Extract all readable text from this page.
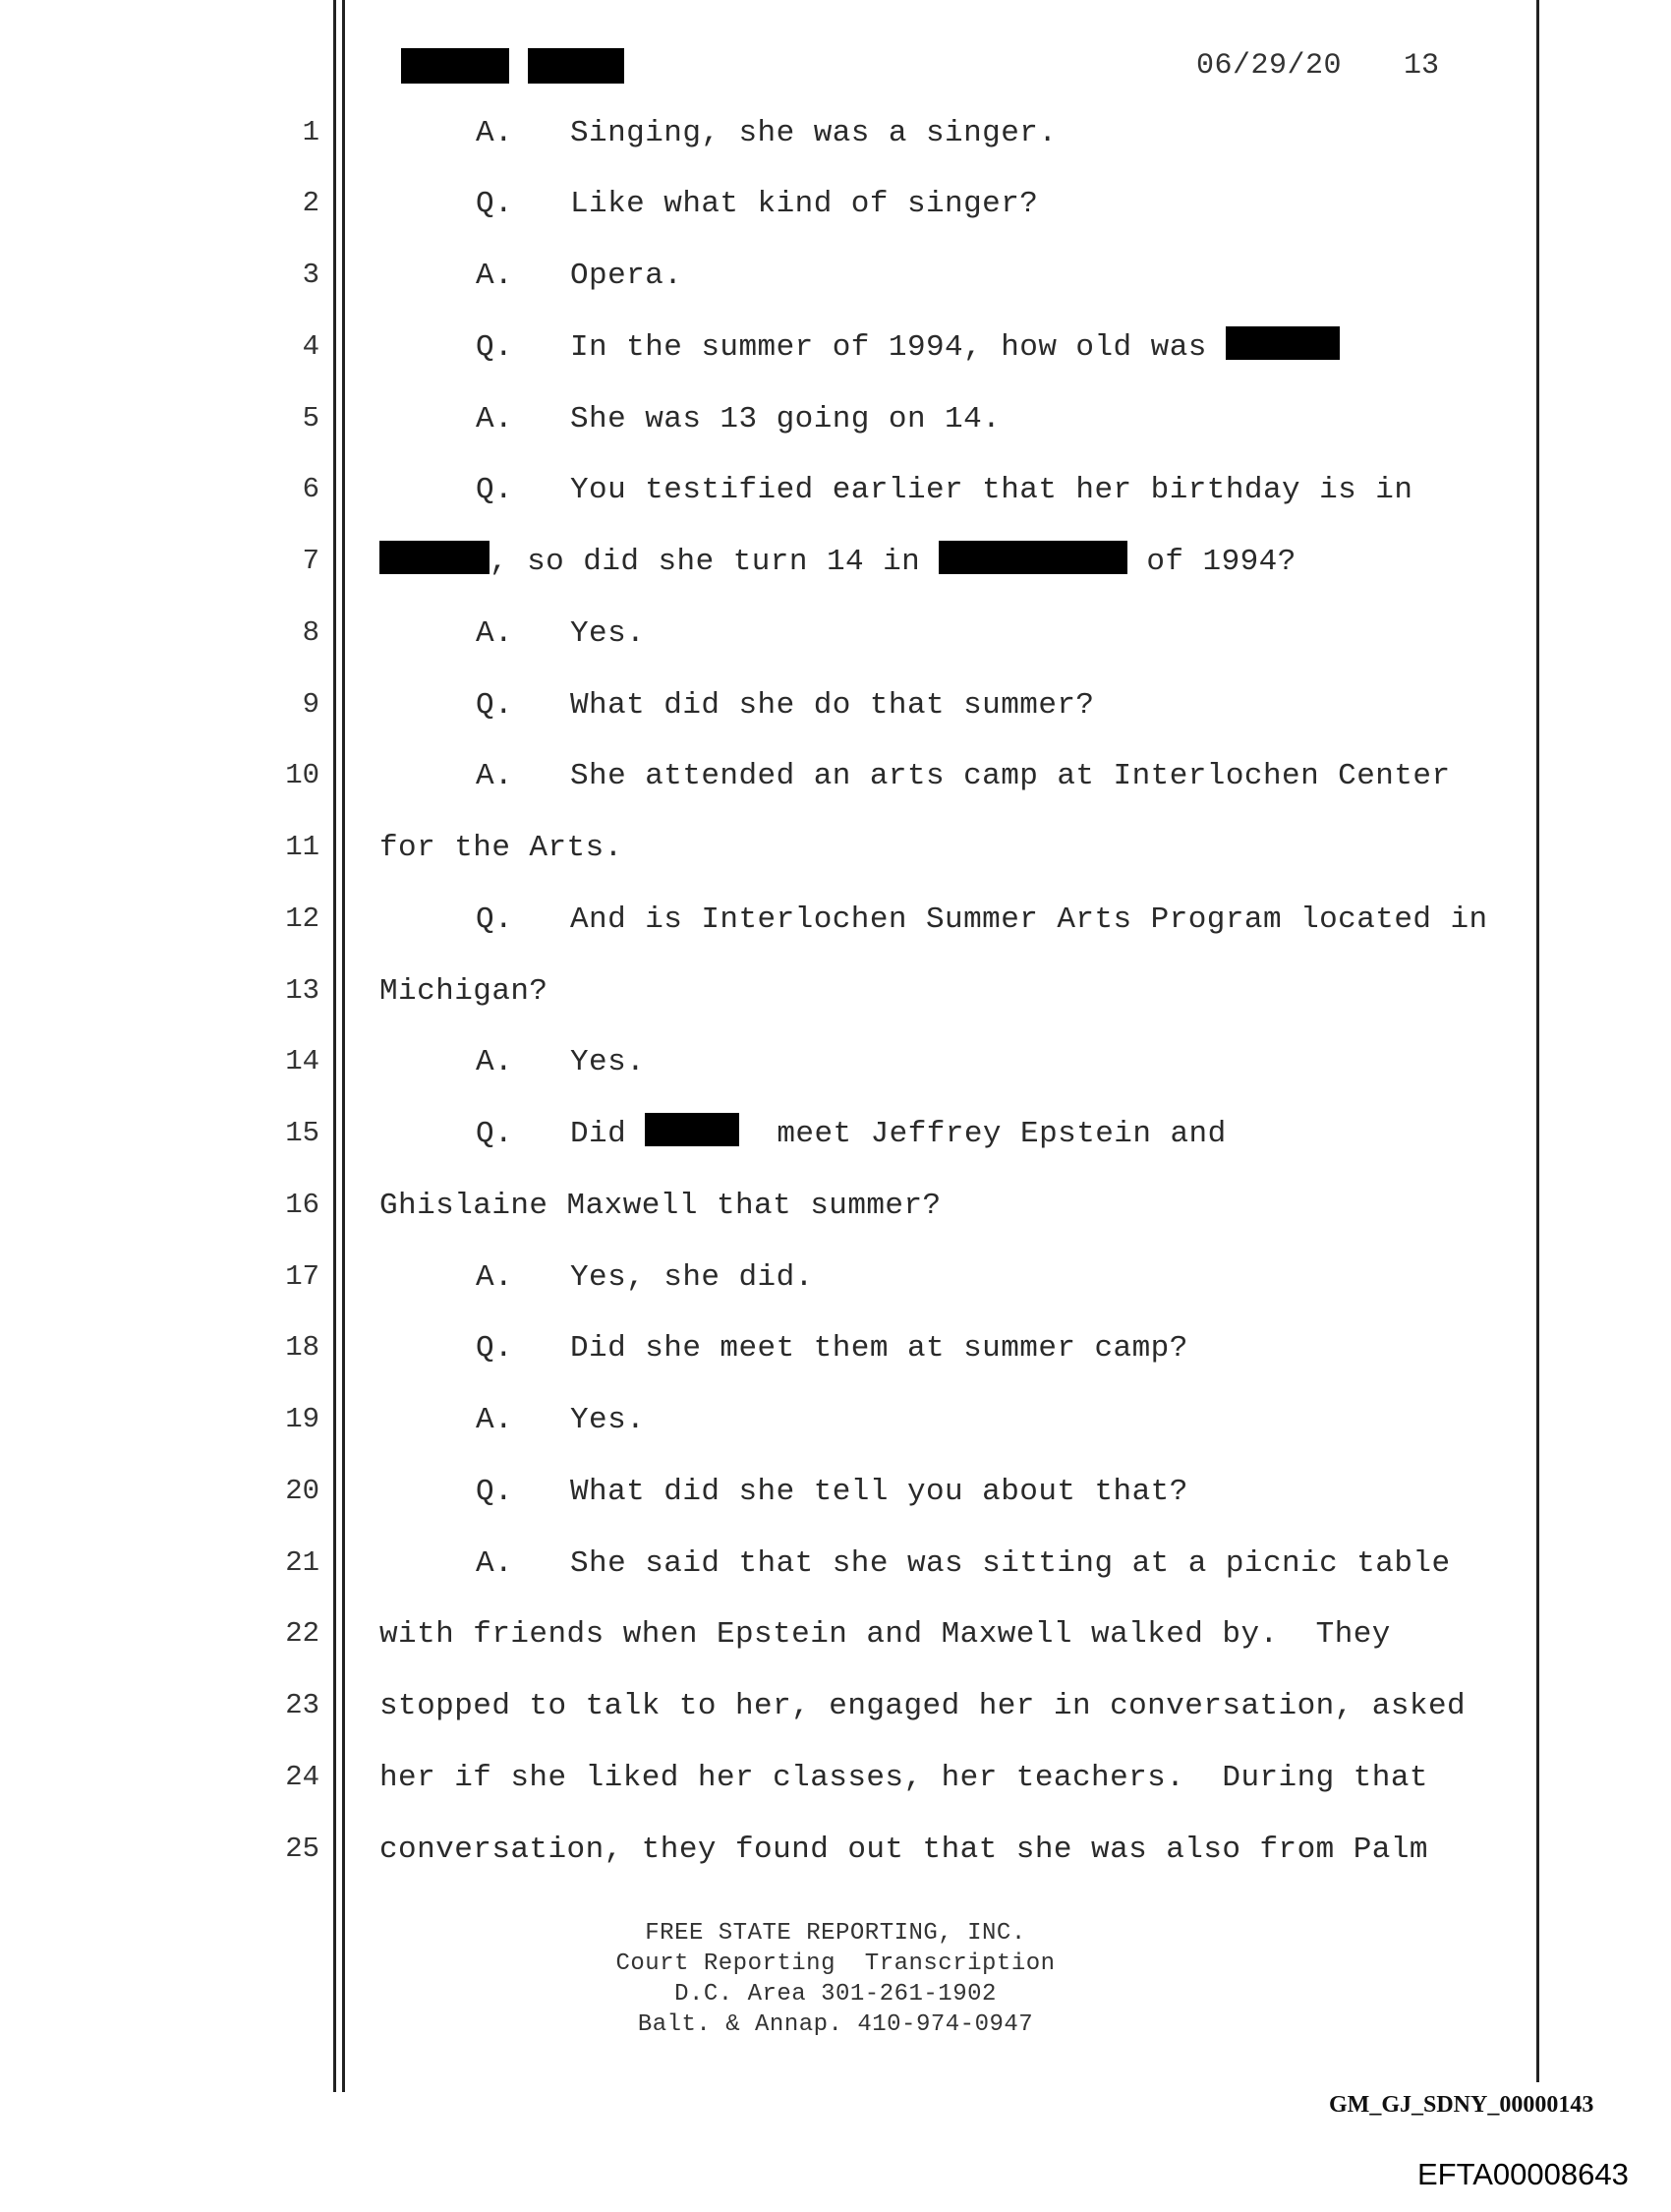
06/29/20 13
1	A. Singing, she was a singer.
2	Q. Like what kind of singer?
3	A. Opera.
4	Q. In the summer of 1994, how old was
5	A. She was 13 going on 14.
6	Q. You testified earlier that her birthday is in
7	, so did she turn 14 in	of 1994?
8	A. Yes.
9	Q. What did she do that summer?
10	A. She attended an arts camp at Interlochen Center
11 for the Arts.
12	Q. And is Interlochen Summer Arts Program located in
13 Michigan?
14	A. Yes.
15	Q. Did	meet Jeffrey Epstein and
16 Ghislaine Maxwell that summer?
17	A. Yes, she did.
18	Q. Did she meet them at summer camp?
19	A. Yes.
20	Q. What did she tell you about that?
21	A. She said that she was sitting at a picnic table
22 with friends when Epstein and Maxwell walked by.  They
23 stopped to talk to her, engaged her in conversation, asked
24 her if she liked her classes, her teachers.  During that
25 conversation, they found out that she was also from Palm
FREE STATE REPORTING, INC.
Court Reporting  Transcription
D.C. Area 301-261-1902
Balt. & Annap. 410-974-0947
GM_GJ_SDNY_00000143
EFTA00008643
